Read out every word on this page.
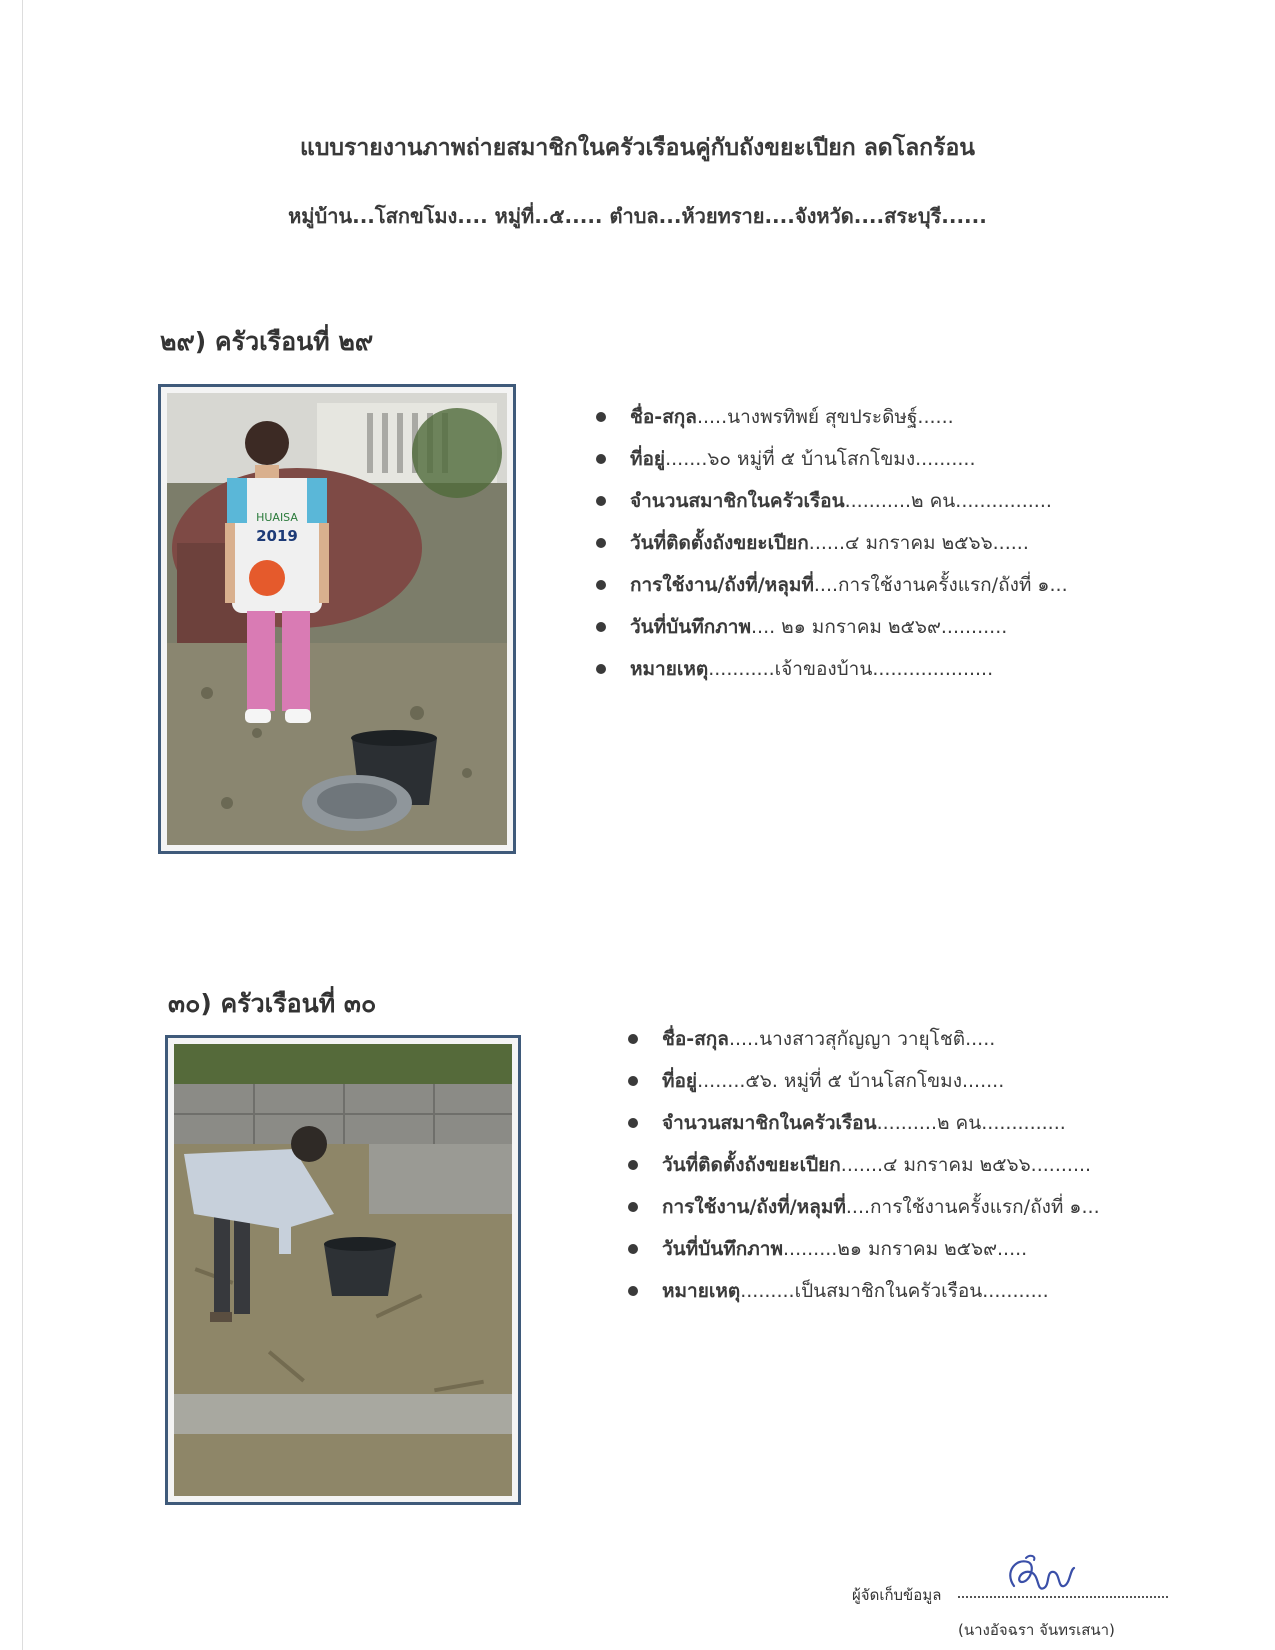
แบบรายงานภาพถ่ายสมาชิกในครัวเรือนคู่กับถังขยะเปียก ลดโลกร้อน
หมู่บ้าน...โสกขโมง.... หมู่ที่..๕..... ตำบล...ห้วยทราย....จังหวัด....สระบุรี......
๒๙) ครัวเรือนที่ ๒๙
HUAISA
2019
ชื่อ-สกุล.....นางพรทิพย์ สุขประดิษฐ์......
ที่อยู่.......๖๐ หมู่ที่ ๕ บ้านโสกโขมง..........
จำนวนสมาชิกในครัวเรือน...........๒ คน................
วันที่ติดตั้งถังขยะเปียก......๔ มกราคม ๒๕๖๖......
การใช้งาน/ถังที่/หลุมที่....การใช้งานครั้งแรก/ถังที่ ๑...
วันที่บันทึกภาพ.... ๒๑ มกราคม ๒๕๖๙...........
หมายเหตุ...........เจ้าของบ้าน....................
๓๐) ครัวเรือนที่ ๓๐
ชื่อ-สกุล.....นางสาวสุกัญญา วายุโชติ.....
ที่อยู่........๕๖. หมู่ที่ ๕ บ้านโสกโขมง.......
จำนวนสมาชิกในครัวเรือน..........๒ คน..............
วันที่ติดตั้งถังขยะเปียก.......๔ มกราคม ๒๕๖๖..........
การใช้งาน/ถังที่/หลุมที่....การใช้งานครั้งแรก/ถังที่ ๑...
วันที่บันทึกภาพ.........๒๑ มกราคม ๒๕๖๙.....
หมายเหตุ.........เป็นสมาชิกในครัวเรือน...........
ผู้จัดเก็บข้อมูล
(นางอัจฉรา จันทรเสนา)
